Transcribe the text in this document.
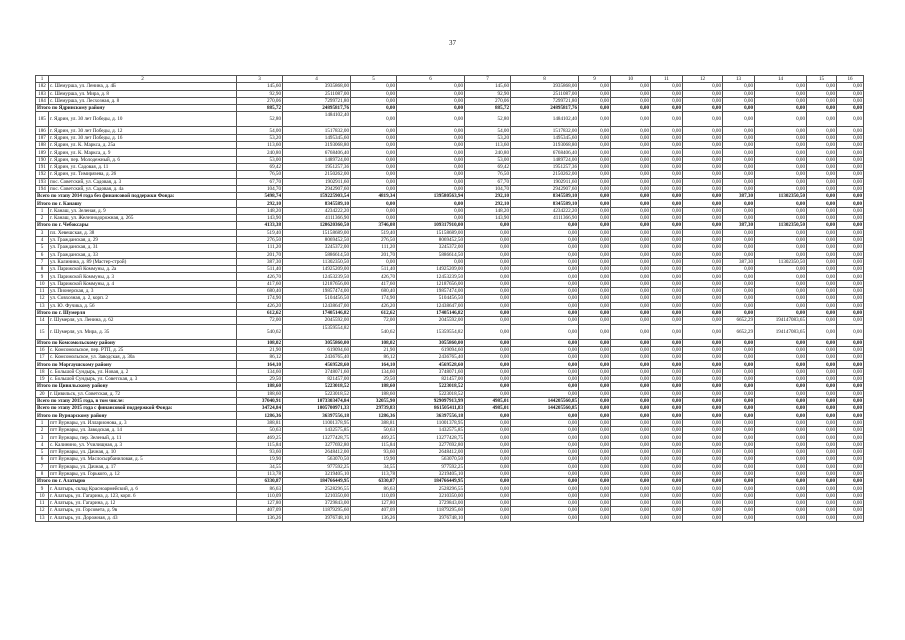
37
1	2	3	4	5	6	7	8	9	10	11	12	13	14	15	16
182	с. Шемурша, ул. Ленина, д. 4Б	145,60	3935868,00	0,00	0,00	145,60	3935868,00	0,00	0,00	0,00	0,00	0,00	0,00	0,00	0,00
183	с. Шемурша, ул. Мира, д. 8	92,90	2511087,00	0,00	0,00	92,90	2511087,00	0,00	0,00	0,00	0,00	0,00	0,00	0,00	0,00
184	с. Шемурша, ул. Лесхозная, д. 8	270,06	7299721,80	0,00	0,00	270,06	7299721,80	0,00	0,00	0,00	0,00	0,00	0,00	0,00	0,00
Итого по Ядринскому району		885,72	24895817,76	0,00	0,00	885,72	24895817,76	0,00	0,00	0,00	0,00	0,00	0,00	0,00	0,00
185	г. Ядрин, ул. 30 лет Победы, д. 10	52,80	1484102,40	0,00	0,00	52,80	1484102,40	0,00	0,00	0,00	0,00	0,00	0,00	0,00	0,00
186	г. Ядрин, ул. 30 лет Победы, д. 12	54,00	1517832,00	0,00	0,00	54,00	1517832,00	0,00	0,00	0,00	0,00	0,00	0,00	0,00	0,00
187	г. Ядрин, ул. 30 лет Победы, д. 16	53,20	1495345,60	0,00	0,00	53,20	1495345,60	0,00	0,00	0,00	0,00	0,00	0,00	0,00	0,00
188	г. Ядрин, ул. К. Маркса, д. 25а	113,60	3193068,80	0,00	0,00	113,60	3193068,80	0,00	0,00	0,00	0,00	0,00	0,00	0,00	0,00
189	г. Ядрин, ул. К. Маркса, д. 9	240,80	6768406,40	0,00	0,00	240,80	6768406,40	0,00	0,00	0,00	0,00	0,00	0,00	0,00	0,00
190	г. Ядрин, пер. Молодежный, д. 6	53,00	1489724,00	0,00	0,00	53,00	1489724,00	0,00	0,00	0,00	0,00	0,00	0,00	0,00	0,00
191	г. Ядрин, ул. Садовая, д. 11	69,42	1951257,36	0,00	0,00	69,42	1951257,36	0,00	0,00	0,00	0,00	0,00	0,00	0,00	0,00
192	г. Ядрин, ул. Тимирязева, д. 26	76,50	2150262,00	0,00	0,00	76,50	2150262,00	0,00	0,00	0,00	0,00	0,00	0,00	0,00	0,00
193	пос. Советский, ул. Садовая, д. 3	67,70	1902911,60	0,00	0,00	67,70	1902911,60	0,00	0,00	0,00	0,00	0,00	0,00	0,00	0,00
194	пос. Советский, ул. Садовая, д. 4а	104,70	2942907,60	0,00	0,00	104,70	2942907,60	0,00	0,00	0,00	0,00	0,00	0,00	0,00	0,00
Всего по этапу 2014 года без финансовой поддержки Фонда:		5498,74	159225903,54	4819,34	139580563,94	292,10	8345589,10	0,00	0,00	0,00	0,00	387,30	11302350,50	0,00	0,00
Итого по г. Канашу		292,10	8345589,10	0,00	0,00	292,10	8345589,10	0,00	0,00	0,00	0,00	0,00	0,00	0,00	0,00
1	г. Канаш, ул. Зеленая, д. 9	148,20	4234222,20	0,00	0,00	148,20	4234222,20	0,00	0,00	0,00	0,00	0,00	0,00	0,00	0,00
2	г. Канаш, ул. Железнодорожная, д. 265	143,90	4111366,90	0,00	0,00	143,90	4111366,90	0,00	0,00	0,00	0,00	0,00	0,00	0,00	0,00
Итого по г. Чебоксары		4133,38	120620360,50	3746,08	109317910,00	0,00	0,00	0,00	0,00	0,00	0,00	387,30	11302350,50	0,00	0,00
3	пл. Хевешская, д. 38	519,40	15158689,00	519,40	15158689,00	0,00	0,00	0,00	0,00	0,00	0,00	0,00	0,00	0,00	0,00
4	ул. Гражданская, д. 29	276,50	8069452,50	276,50	8069452,50	0,00	0,00	0,00	0,00	0,00	0,00	0,00	0,00	0,00	0,00
5	ул. Гражданская, д. 31	111,20	3245372,00	111,20	3245372,00	0,00	0,00	0,00	0,00	0,00	0,00	0,00	0,00	0,00	0,00
6	ул. Гражданская, д. 33	201,70	5886614,50	201,70	5886614,50	0,00	0,00	0,00	0,00	0,00	0,00	0,00	0,00	0,00	0,00
7	ул. Калинина, д. 89 (Мастер-строй)	387,30	11302350,50	0,00	0,00	0,00	0,00	0,00	0,00	0,00	0,00	387,30	11302350,50	0,00	0,00
8	ул. Парижской Коммуны, д. 2а	511,40	14925209,00	511,40	14925209,00	0,00	0,00	0,00	0,00	0,00	0,00	0,00	0,00	0,00	0,00
9	ул. Парижской Коммуны, д. 3	426,70	12453239,50	426,70	12453239,50	0,00	0,00	0,00	0,00	0,00	0,00	0,00	0,00	0,00	0,00
10	ул. Парижской Коммуны, д. 4	417,60	12187656,00	417,60	12187656,00	0,00	0,00	0,00	0,00	0,00	0,00	0,00	0,00	0,00	0,00
11	ул. Пионерская, д. 3	680,40	19857474,00	680,40	19857474,00	0,00	0,00	0,00	0,00	0,00	0,00	0,00	0,00	0,00	0,00
12	ул. Совхозная, д. 2, корп. 2	174,90	5104456,50	174,90	5104456,50	0,00	0,00	0,00	0,00	0,00	0,00	0,00	0,00	0,00	0,00
13	ул. Ю. Фучика, д. 56	426,20	12438647,00	426,20	12438647,00	0,00	0,00	0,00	0,00	0,00	0,00	0,00	0,00	0,00	0,00
Итого по г. Шумерля		612,62	17405146,82	612,62	17405146,82	0,00	0,00	0,00	0,00	0,00	0,00	0,00	0,00	0,00	0,00
14	г. Шумерля, ул. Ленина, д. 62	72,00	2045592,00	72,00	2045592,00	0,00	0,00	0,00	0,00	0,00	0,00	6652,29	194147083,65	0,00	0,00
15	г. Шумерля, ул. Мира, д. 35	540,62	15359554,82	540,62	15359554,82	0,00	0,00	0,00	0,00	0,00	0,00	6652,29	194147083,65	0,00	0,00
Итого по Комсомольскому району		108,02	3055860,00	108,02	3055860,00	0,00	0,00	0,00	0,00	0,00	0,00	0,00	0,00	0,00	0,00
16	с. Комсомольское, пер. РТП, д. 25	21,90	619094,60	21,90	619094,60	0,00	0,00	0,00	0,00	0,00	0,00	0,00	0,00	0,00	0,00
17	с. Комсомольское, ул. Заводская, д. 30а	86,12	2436765,40	86,12	2436765,40	0,00	0,00	0,00	0,00	0,00	0,00	0,00	0,00	0,00	0,00
Итого по Моргаушскому району		164,10	4569528,60	164,10	4569528,60	0,00	0,00	0,00	0,00	0,00	0,00	0,00	0,00	0,00	0,00
18	с. Большой Сундырь, ул. Новая, д. 2	134,60	3748071,60	134,60	3748071,60	0,00	0,00	0,00	0,00	0,00	0,00	0,00	0,00	0,00	0,00
19	с. Большой Сундырь, ул. Советская, д. 3	29,50	821457,00	29,50	821457,00	0,00	0,00	0,00	0,00	0,00	0,00	0,00	0,00	0,00	0,00
Итого по Цивильскому району		188,60	5223018,52	188,60	5223018,52	0,00	0,00	0,00	0,00	0,00	0,00	0,00	0,00	0,00	0,00
20	г. Цивильск, ул. Советская, д. 72	188,60	5223018,52	188,60	5223018,52	0,00	0,00	0,00	0,00	0,00	0,00	0,00	0,00	0,00	0,00
Всего по этапу 2015 года, в том числе:		37040,91	1073303474,84	32055,90	929097913,99	4985,01	144205560,85	0,00	0,00	0,00	0,00	0,00	0,00	0,00	0,00
Всего по этапу 2015 года с финансовой поддержкой Фонда:		34724,84	1005700971,33	29739,83	861505411,83	4985,01	144205560,85	0,00	0,00	0,00	0,00	0,00	0,00	0,00	0,00
Итого по Вурнарскому району		1286,36	36397556,18	1286,36	36397556,18	0,00	0,00	0,00	0,00	0,00	0,00	0,00	0,00	0,00	0,00
1	пгт Вурнары, ул. Илларионова, д. 3	388,81	11001378,95	388,81	11001378,95	0,00	0,00	0,00	0,00	0,00	0,00	0,00	0,00	0,00	0,00
2	пгт Вурнары, ул. Заводская, д. 14	50,63	1432575,85	50,63	1432575,85	0,00	0,00	0,00	0,00	0,00	0,00	0,00	0,00	0,00	0,00
3	пгт Вурнары, пер. Зеленый, д. 11	469,25	13277428,75	469,25	13277428,75	0,00	0,00	0,00	0,00	0,00	0,00	0,00	0,00	0,00	0,00
4	с. Калинино, ул. Училищная, д. 3	115,84	3277692,80	115,84	3277692,80	0,00	0,00	0,00	0,00	0,00	0,00	0,00	0,00	0,00	0,00
5	пгт Вурнары, ул. Дачная, д. 10	93,60	2648412,00	93,60	2648412,00	0,00	0,00	0,00	0,00	0,00	0,00	0,00	0,00	0,00	0,00
6	пгт Вурнары, ул. Маслосырбаниловая, д. 5	19,90	563070,50	19,90	563070,50	0,00	0,00	0,00	0,00	0,00	0,00	0,00	0,00	0,00	0,00
7	пгт Вурнары, ул. Дачная, д. 17	34,55	977592,25	34,55	977592,25	0,00	0,00	0,00	0,00	0,00	0,00	0,00	0,00	0,00	0,00
8	пгт Вурнары, ул. Горького, д. 12	113,78	3219405,10	113,78	3219405,10	0,00	0,00	0,00	0,00	0,00	0,00	0,00	0,00	0,00	0,00
Итого по г. Алатырю		6330,87	184766449,95	6330,87	184766449,95	0,00	0,00	0,00	0,00	0,00	0,00	0,00	0,00	0,00	0,00
9	г. Алатырь, склад Красноармейский, д. 6	86,63	2528296,55	86,63	2528296,55	0,00	0,00	0,00	0,00	0,00	0,00	0,00	0,00	0,00	0,00
10	г. Алатырь, ул. Гагарина, д. 123, корп. 6	110,09	3210350,00	110,09	3210350,00	0,00	0,00	0,00	0,00	0,00	0,00	0,00	0,00	0,00	0,00
11	г. Алатырь, ул. Гагарина, д. 12	127,80	3729843,00	127,80	3729843,00	0,00	0,00	0,00	0,00	0,00	0,00	0,00	0,00	0,00	0,00
12	г. Алатырь, ул. Горсовета, д. 9в	407,09	11879295,60	407,09	11879295,60	0,00	0,00	0,00	0,00	0,00	0,00	0,00	0,00	0,00	0,00
13	г. Алатырь, ул. Дорожная, д. 43	136,26	3976748,10	136,26	3976748,10	0,00	0,00	0,00	0,00	0,00	0,00	0,00	0,00	0,00	0,00
